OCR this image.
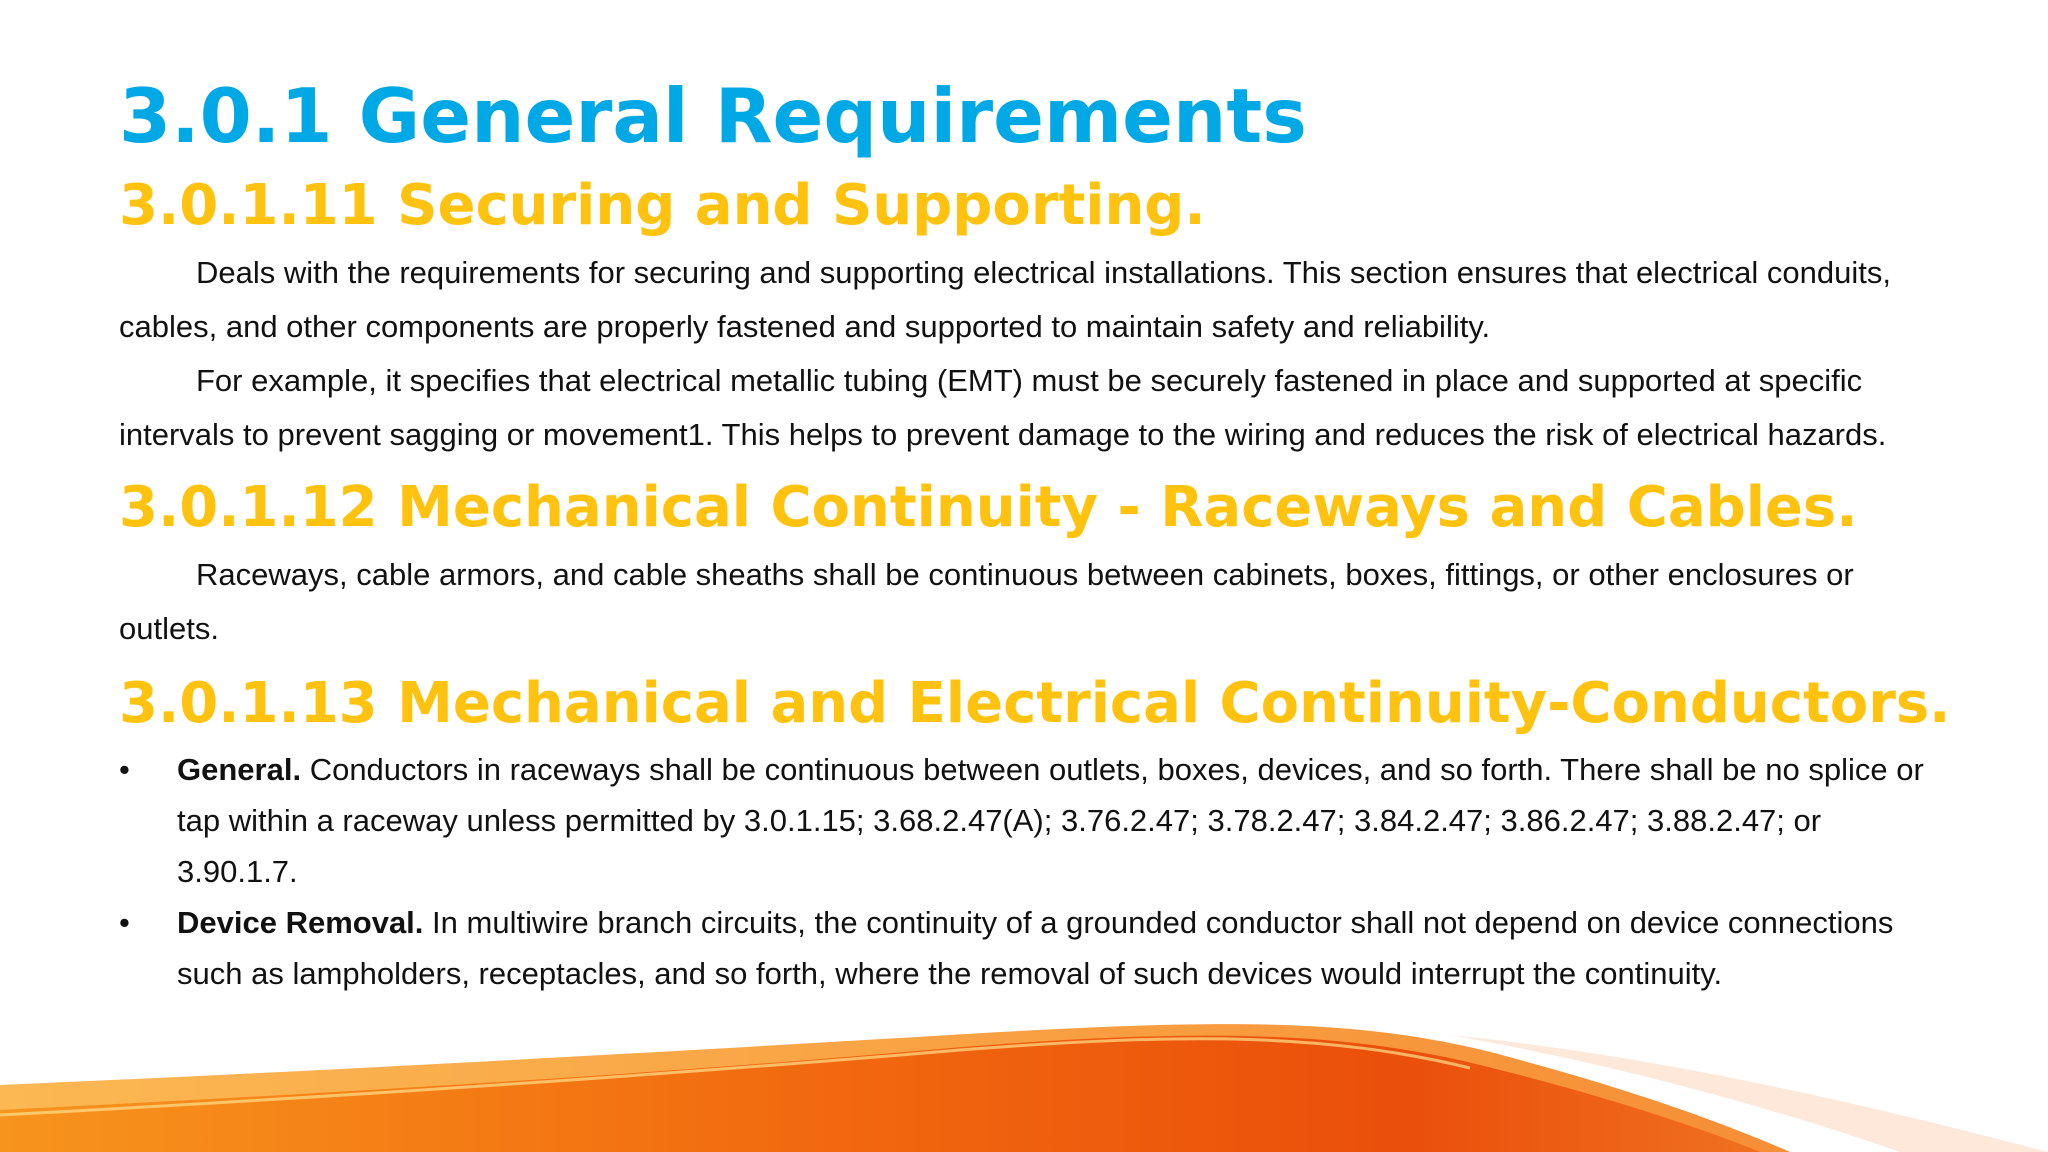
3.0.1 General Requirements
3.0.1.11 Securing and Supporting.

Deals with the requirements for securing and supporting electrical installations. This section ensures that electrical conduits, cables, and other components are properly fastened and supported to maintain safety and reliability.

For example, it specifies that electrical metallic tubing (EMT) must be securely fastened in place and supported at specific intervals to prevent sagging or movement1. This helps to prevent damage to the wiring and reduces the risk of electrical hazards.

3.0.1.12 Mechanical Continuity - Raceways and Cables.

Raceways, cable armors, and cable sheaths shall be continuous between cabinets, boxes, fittings, or other enclosures or outlets.

3.0.1.13 Mechanical and Electrical Continuity-Conductors.
• General. Conductors in raceways shall be continuous between outlets, boxes, devices, and so forth. There shall be no splice or tap within a raceway unless permitted by 3.0.1.15; 3.68.2.47(A); 3.76.2.47; 3.78.2.47; 3.84.2.47; 3.86.2.47; 3.88.2.47; or 3.90.1.7.
• Device Removal. In multiwire branch circuits, the continuity of a grounded conductor shall not depend on device connections such as lampholders, receptacles, and so forth, where the removal of such devices would interrupt the continuity.
